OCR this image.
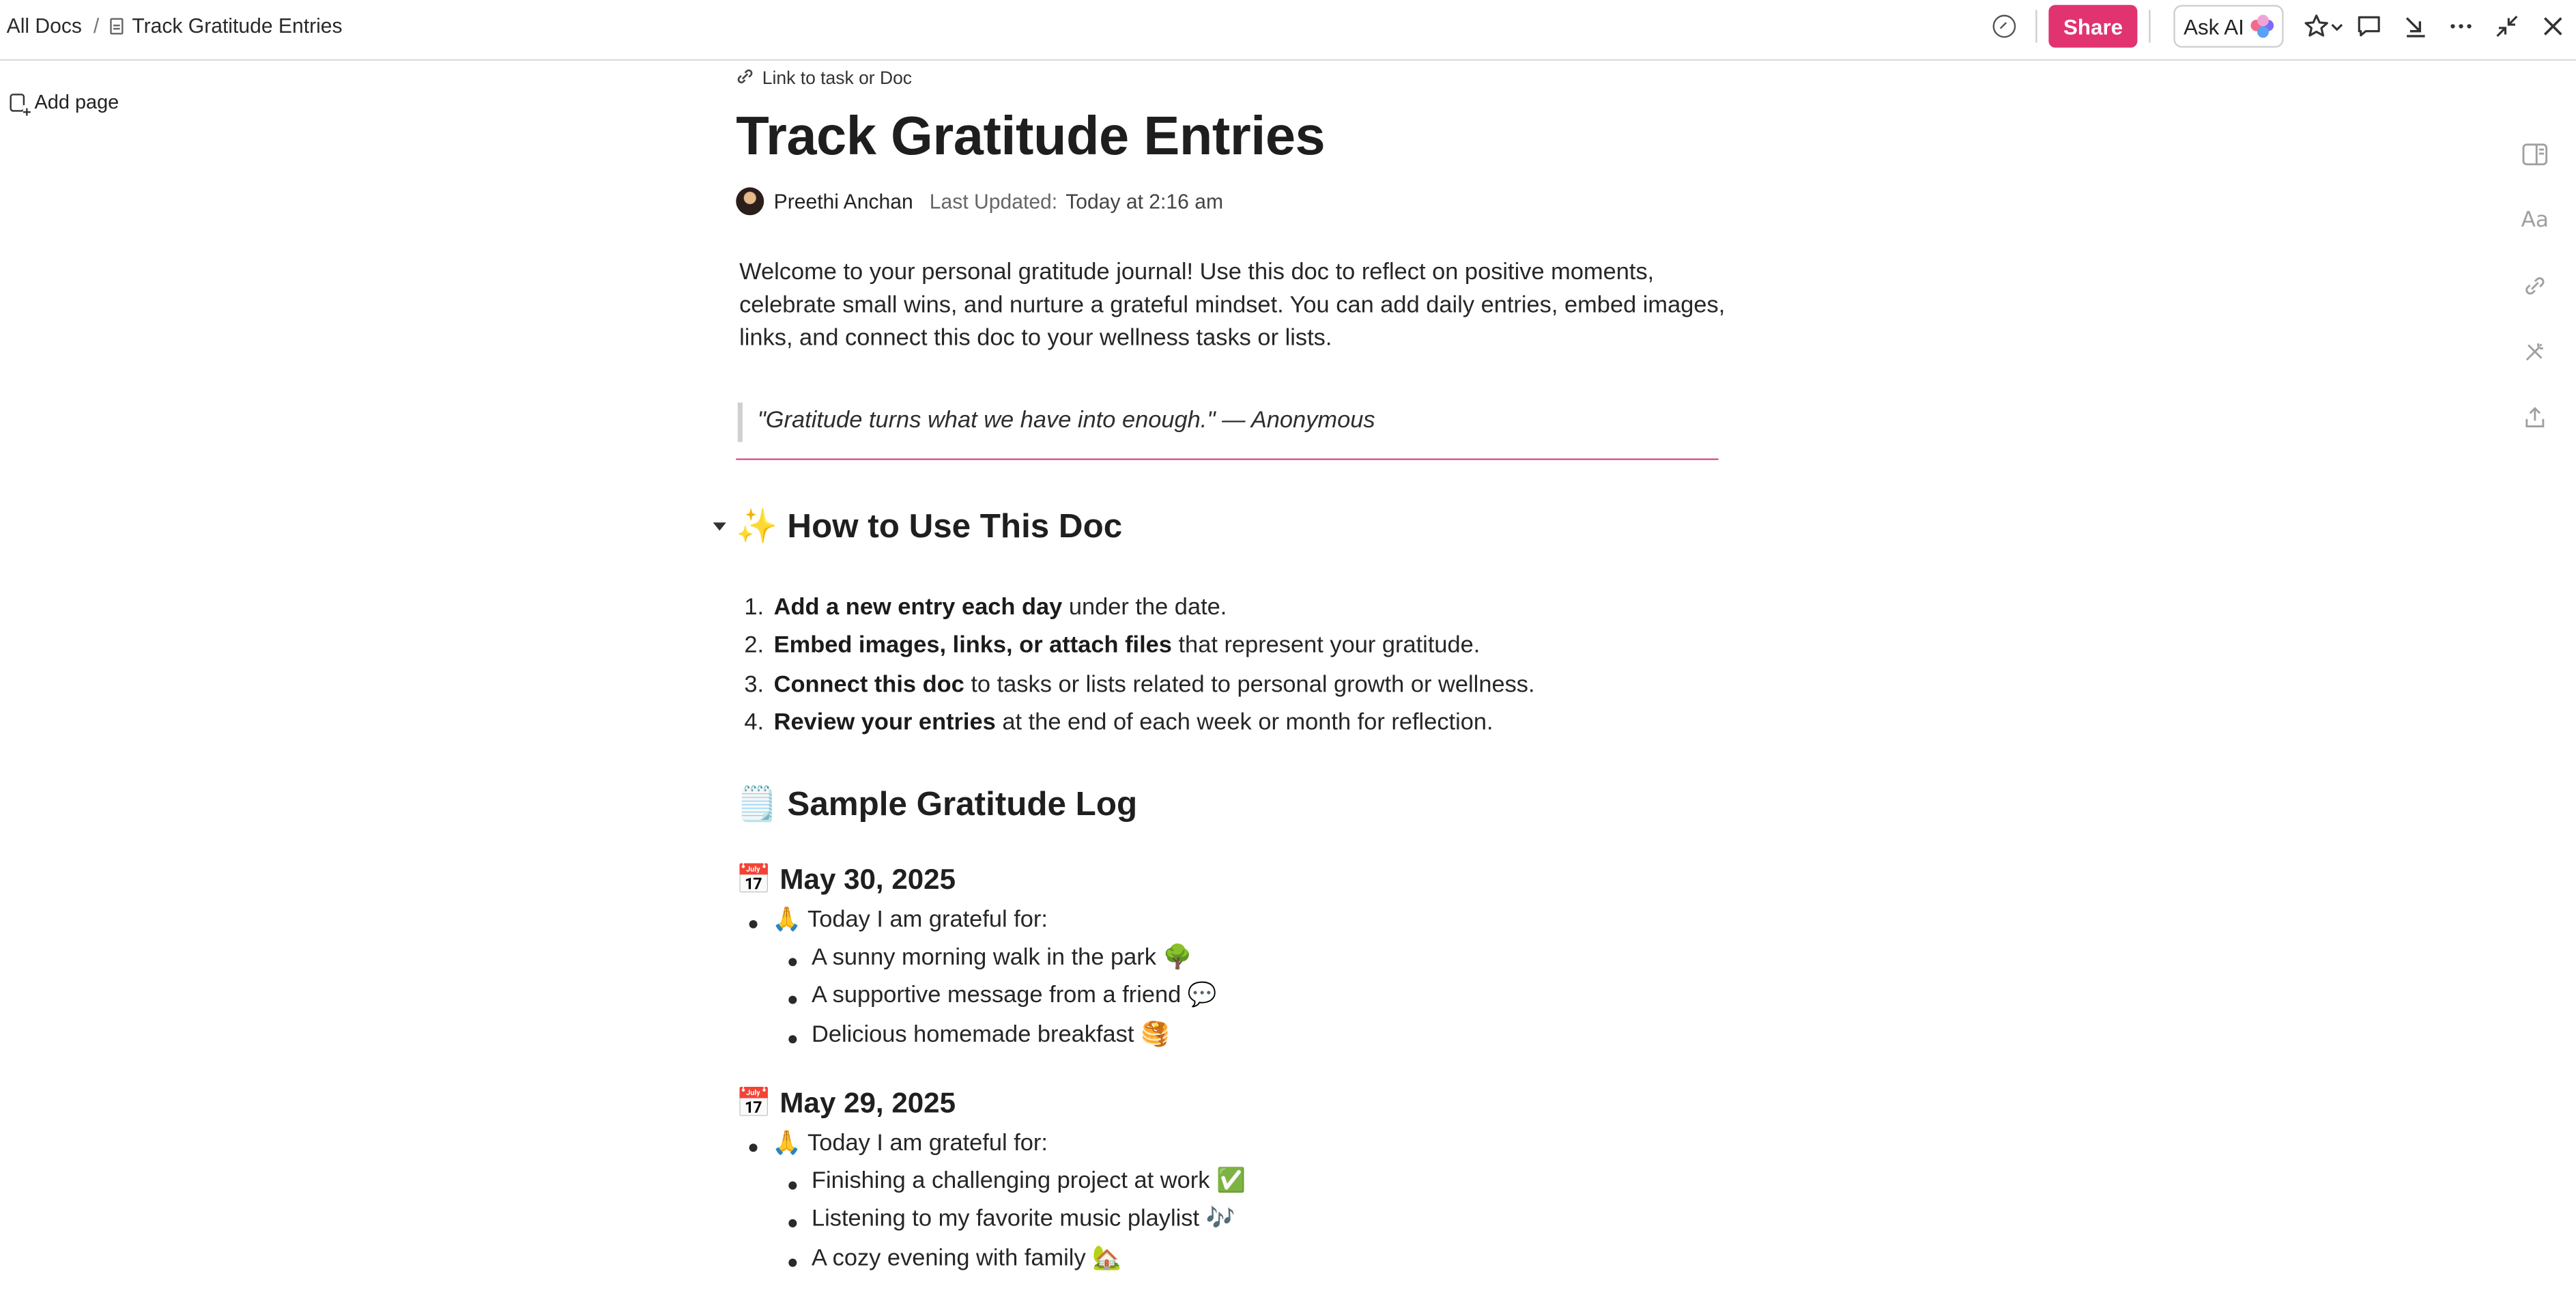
All Docs /	Track Gratitude Entries	Share	Ask AI
+
Add page
Aa
Link to task or Doc
Track Gratitude Entries
Preethi Anchan Last Updated: Today at 2:16 am

Welcome to your personal gratitude journal! Use this doc to reflect on positive moments, celebrate small wins, and nurture a grateful mindset. You can add daily entries, embed images, links, and connect this doc to your wellness tasks or lists.

"Gratitude turns what we have into enough." — Anonymous
✨ How to Use This Doc
1. Add a new entry each day under the date.
2. Embed images, links, or attach files that represent your gratitude.
3. Connect this doc to tasks or lists related to personal growth or wellness.
4. Review your entries at the end of each week or month for reflection.
🗒️ Sample Gratitude Log
📅 May 30, 2025
🙏 Today I am grateful for:
A sunny morning walk in the park 🌳
A supportive message from a friend 💬
Delicious homemade breakfast 🥞
📅 May 29, 2025
🙏 Today I am grateful for:
Finishing a challenging project at work ✅
Listening to my favorite music playlist 🎶
A cozy evening with family 🏡
